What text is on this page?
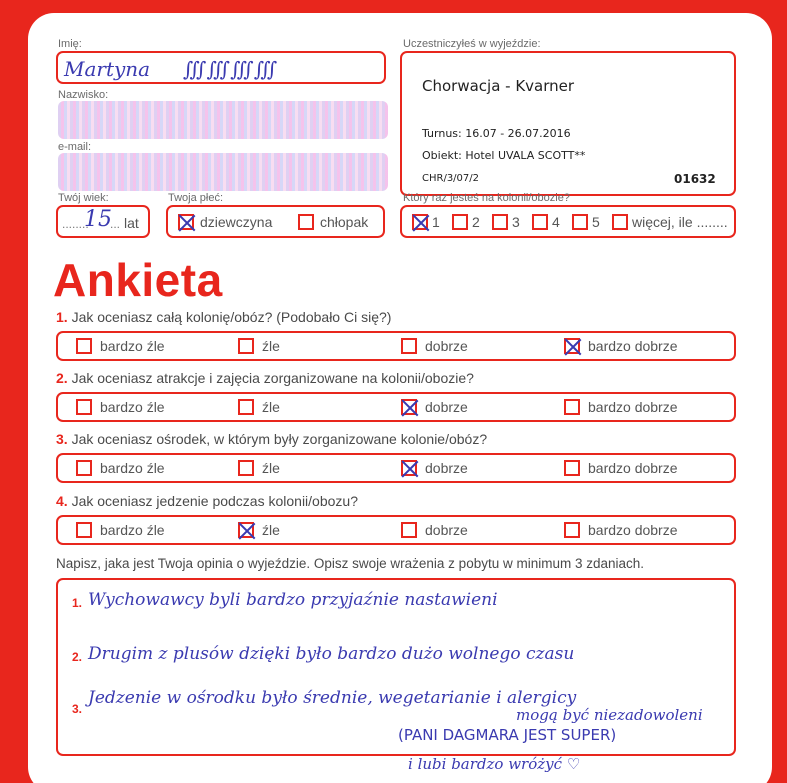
Imię:
Martyna ∭∭∭∭
Nazwisko:
e-mail:
Twój wiek:
........
15
... lat
Twoja płeć:
dziewczyna	chłopak
Uczestniczyłeś w wyjeździe:
Chorwacja - Kvarner
Turnus: 16.07 - 26.07.2016
Obiekt: Hotel UVALA SCOTT**
CHR/3/07/2	01632
Który raz jesteś na kolonii/obozie?
1 2 3 4 5 więcej, ile ........
Ankieta
1. Jak oceniasz całą kolonię/obóz? (Podobało Ci się?)
bardzo źle	źle	dobrze	bardzo dobrze
2. Jak oceniasz atrakcje i zajęcia zorganizowane na kolonii/obozie?
bardzo źle	źle	dobrze	bardzo dobrze
3. Jak oceniasz ośrodek, w którym były zorganizowane kolonie/obóz?
bardzo źle	źle	dobrze	bardzo dobrze
4. Jak oceniasz jedzenie podczas kolonii/obozu?
bardzo źle	źle	dobrze	bardzo dobrze
Napisz, jaka jest Twoja opinia o wyjeździe. Opisz swoje wrażenia z pobytu w minimum 3 zdaniach.
1. Wychowawcy byli bardzo przyjaźnie nastawieni
2. Drugim z plusów dzięki było bardzo dużo wolnego czasu
3.
Jedzenie w ośrodku było średnie, wegetarianie i alergicy
mogą być niezadowoleni
(PANI DAGMARA JEST SUPER)
i lubi bardzo wróżyć ♡
